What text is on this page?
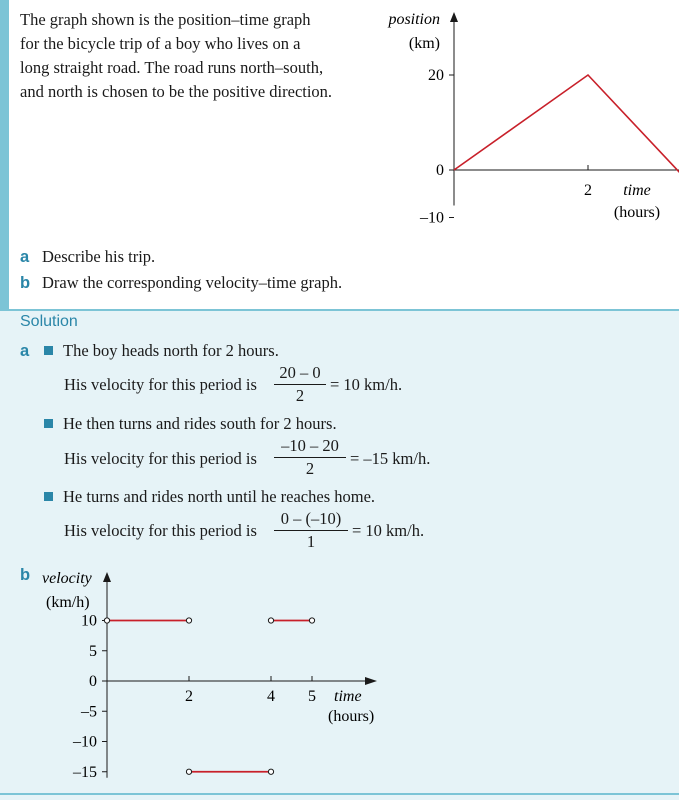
The graph shown is the position–time graph
for the bicycle trip of a boy who lives on a
long straight road. The road runs north–south,
and north is chosen to be the positive direction.
a Describe his trip.
b Draw the corresponding velocity–time graph.
Solution
a	The boy heads north for 2 hours.
His velocity for this period is
20 – 0
2
= 10 km/h.
He then turns and rides south for 2 hours.
His velocity for this period is
–10 – 20
2
= –15 km/h.
He turns and rides north until he reaches home.
His velocity for this period is
0 – (–10)
1
= 10 km/h.
b
20
0
–10
2
position
(km)
time
(hours)
10
5
0
–5
–10
–15
2	4 5
velocity
(km/h)
time
(hours)
